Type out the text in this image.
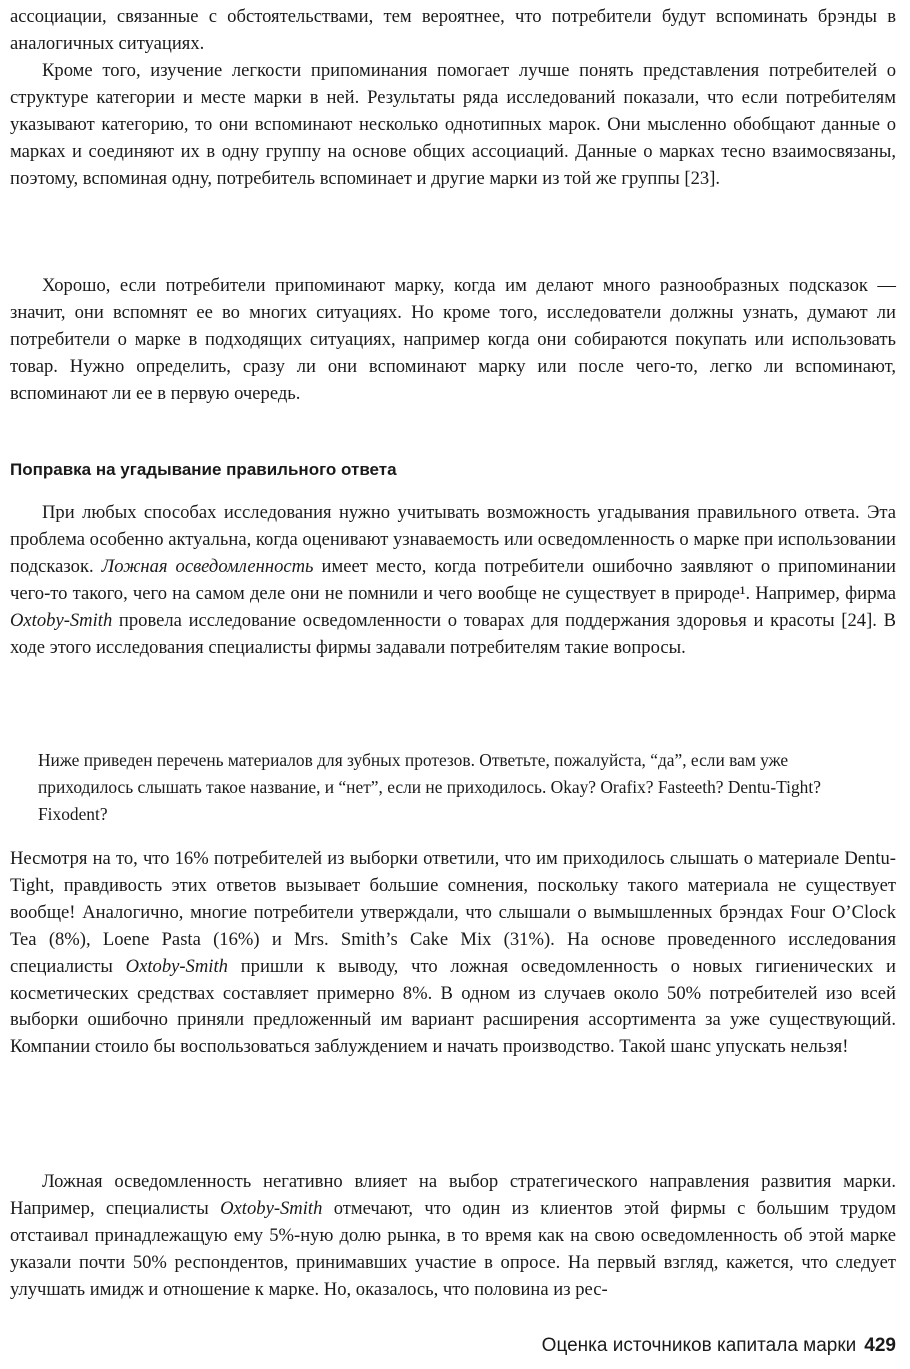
ассоциации, связанные с обстоятельствами, тем вероятнее, что потребители будут вспоминать брэнды в аналогичных ситуациях.

Кроме того, изучение легкости припоминания помогает лучше понять представления потребителей о структуре категории и месте марки в ней. Результаты ряда исследований показали, что если потребителям указывают категорию, то они вспоминают несколько однотипных марок. Они мысленно обобщают данные о марках и соединяют их в одну группу на основе общих ассоциаций. Данные о марках тесно взаимосвязаны, поэтому, вспоминая одну, потребитель вспоминает и другие марки из той же группы [23].

Хорошо, если потребители припоминают марку, когда им делают много разнообразных подсказок — значит, они вспомнят ее во многих ситуациях. Но кроме того, исследователи должны узнать, думают ли потребители о марке в подходящих ситуациях, например когда они собираются покупать или использовать товар. Нужно определить, сразу ли они вспоминают марку или после чего-то, легко ли вспоминают, вспоминают ли ее в первую очередь.

Поправка на угадывание правильного ответа

При любых способах исследования нужно учитывать возможность угадывания правильного ответа. Эта проблема особенно актуальна, когда оценивают узнаваемость или осведомленность о марке при использовании подсказок. Ложная осведомленность имеет место, когда потребители ошибочно заявляют о припоминании чего-то такого, чего на самом деле они не помнили и чего вообще не существует в природе¹. Например, фирма Oxtoby-Smith провела исследование осведомленности о товарах для поддержания здоровья и красоты [24]. В ходе этого исследования специалисты фирмы задавали потребителям такие вопросы.

Ниже приведен перечень материалов для зубных протезов. Ответьте, пожалуйста, “да”, если вам уже приходилось слышать такое название, и “нет”, если не приходилось. Okay? Orafix? Fasteeth? Dentu-Tight? Fixodent?

Несмотря на то, что 16% потребителей из выборки ответили, что им приходилось слышать о материале Dentu-Tight, правдивость этих ответов вызывает большие сомнения, поскольку такого материала не существует вообще! Аналогично, многие потребители утверждали, что слышали о вымышленных брэндах Four O’Clock Tea (8%), Loene Pasta (16%) и Mrs. Smith’s Cake Mix (31%). На основе проведенного исследования специалисты Oxtoby-Smith пришли к выводу, что ложная осведомленность о новых гигиенических и косметических средствах составляет примерно 8%. В одном из случаев около 50% потребителей изо всей выборки ошибочно приняли предложенный им вариант расширения ассортимента за уже существующий. Компании стоило бы воспользоваться заблуждением и начать производство. Такой шанс упускать нельзя!

Ложная осведомленность негативно влияет на выбор стратегического направления развития марки. Например, специалисты Oxtoby-Smith отмечают, что один из клиентов этой фирмы с большим трудом отстаивал принадлежащую ему 5%-ную долю рынка, в то время как на свою осведомленность об этой марке указали почти 50% респондентов, принимавших участие в опросе. На первый взгляд, кажется, что следует улучшать имидж и отношение к марке. Но, оказалось, что половина из рес-

Оценка источников капитала марки 429
